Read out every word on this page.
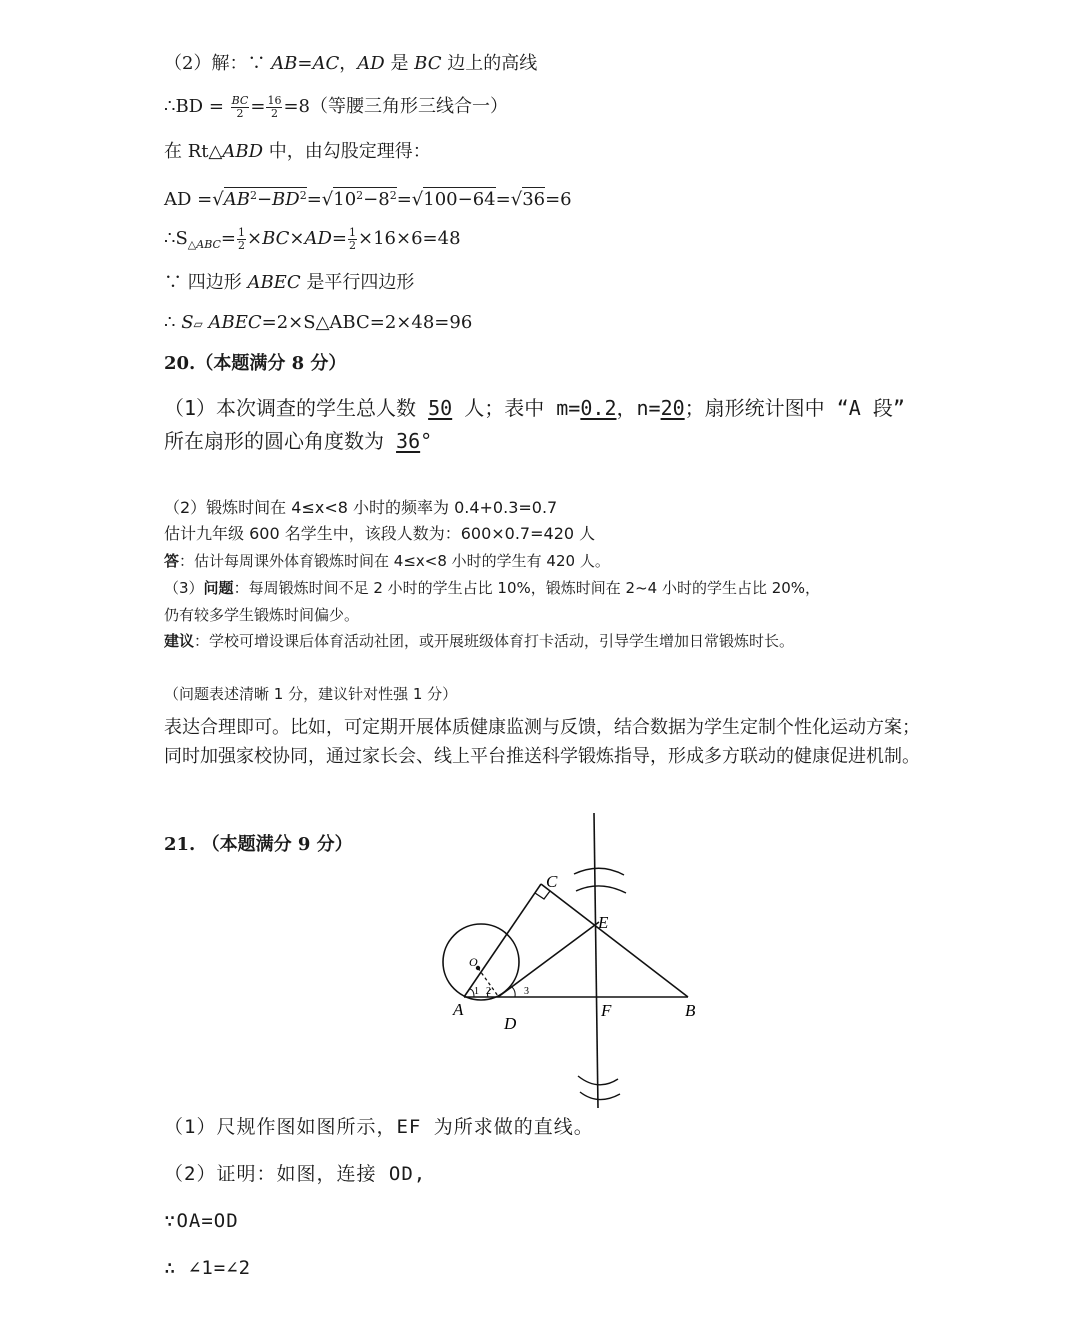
（2）解：∵ AB=AC，AD 是 BC 边上的高线
∴BD = $\frac{BC}{2} = \frac{16}{2} =8$（等腰三角形三线合一）
在 Rt△ABD 中，由勾股定理得：
AD $=√AB^2-BD^2=√10^2-8^2=√100-64=√36=6$
$\therefore S_{\triangle ABC}= \frac{1}{2} \times BC\times AD= \frac{1}{2} \times 16\times 6=48$
∵ 四边形 ABEC 是平行四边形
∴ S▱ ABEC=2×S△ABC=2×48=96
20.（本题满分 8 分）
（1）本次调查的学生总人数 50 人；表中 m=0.2，n=20；扇形统计图中 “A 段”
所在扇形的圆心角度数为 36°
（2）锻炼时间在 4≤x<8 小时的频率为 0.4+0.3=0.7
估计九年级 600 名学生中，该段人数为：600×0.7=420 人
答：估计每周课外体育锻炼时间在 4≤x<8 小时的学生有 420 人。
（3）问题：每周锻炼时间不足 2 小时的学生占比 10%，锻炼时间在 2~4 小时的学生占比 20%，
仍有较多学生锻炼时间偏少。
建议：学校可增设课后体育活动社团，或开展班级体育打卡活动，引导学生增加日常锻炼时长。
（问题表述清晰 1 分，建议针对性强 1 分）
表达合理即可。比如，可定期开展体质健康监测与反馈，结合数据为学生定制个性化运动方案；同时加强家校协同，通过家长会、线上平台推送科学锻炼指导，形成多方联动的健康促进机制。
21. （本题满分 9 分）
C
E
O
A
D
F	B
1 2	3
（1）尺规作图如图所示，EF 为所求做的直线。
（2）证明：如图，连接 OD,
∵OA=OD
∴ ∠1=∠2
